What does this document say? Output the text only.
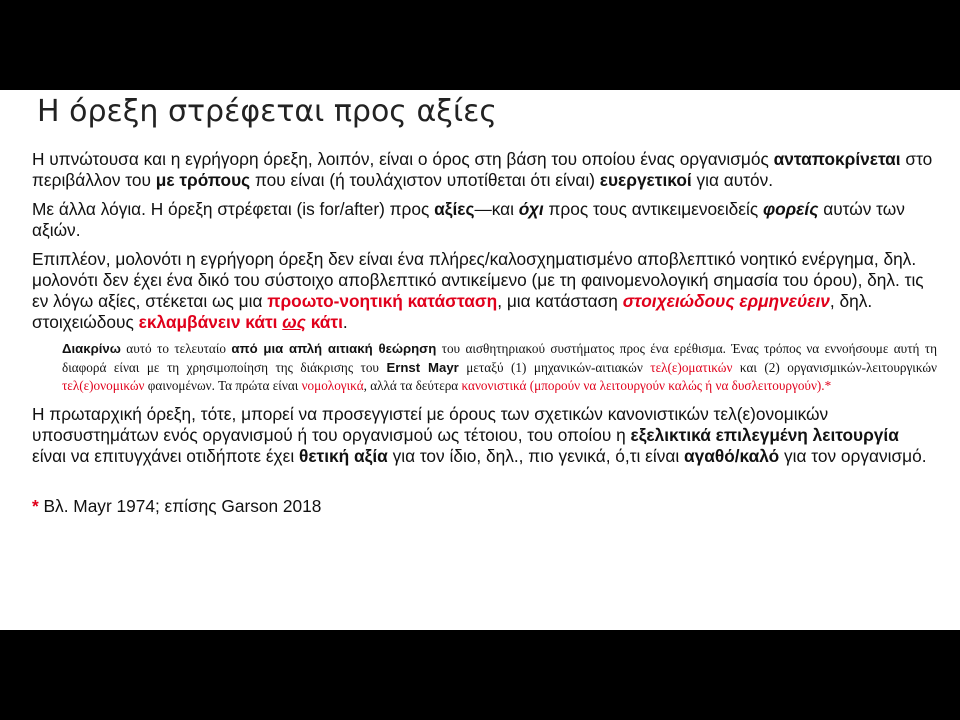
Η όρεξη στρέφεται προς αξίες

Η υπνώτουσα και η εγρήγορη όρεξη, λοιπόν, είναι ο όρος στη βάση του οποίου ένας οργανισμός ανταποκρίνεται στο περιβάλλον του με τρόπους που είναι (ή τουλάχιστον υποτίθεται ότι είναι) ευεργετικοί για αυτόν.

Με άλλα λόγια. Η όρεξη στρέφεται (is for/after) προς αξίες—και όχι προς τους αντικειμενοειδείς φορείς αυτών των αξιών.

Επιπλέον, μολονότι η εγρήγορη όρεξη δεν είναι ένα πλήρες/καλοσχηματισμένο αποβλεπτικό νοητικό ενέργημα, δηλ. μολονότι δεν έχει ένα δικό του σύστοιχο αποβλεπτικό αντικείμενο (με τη φαινομενολογική σημασία του όρου), δηλ. τις εν λόγω αξίες, στέκεται ως μια προωτο-νοητική κατάσταση, μια κατάσταση στοιχειώδους ερμηνεύειν, δηλ. στοιχειώδους εκλαμβάνειν κάτι ως κάτι.

Διακρίνω αυτό το τελευταίο από μια απλή αιτιακή θεώρηση του αισθητηριακού συστήματος προς ένα ερέθισμα. Ένας τρόπος να εννοήσουμε αυτή τη διαφορά είναι με τη χρησιμοποίηση της διάκρισης του Ernst Mayr μεταξύ (1) μηχανικών-αιτιακών τελ(ε)οματικών και (2) οργανισμικών-λειτουργικών τελ(ε)ονομικών φαινομένων. Τα πρώτα είναι νομολογικά, αλλά τα δεύτερα κανονιστικά (μπορούν να λειτουργούν καλώς ή να δυσλειτουργούν).*

Η πρωταρχική όρεξη, τότε, μπορεί να προσεγγιστεί με όρους των σχετικών κανονιστικών τελ(ε)ονομικών υποσυστημάτων ενός οργανισμού ή του οργανισμού ως τέτοιου, του οποίου η εξελικτικά επιλεγμένη λειτουργία είναι να επιτυγχάνει οτιδήποτε έχει θετική αξία για τον ίδιο, δηλ., πιο γενικά, ό,τι είναι αγαθό/καλό για τον οργανισμό.

* Βλ. Mayr 1974; επίσης Garson 2018
